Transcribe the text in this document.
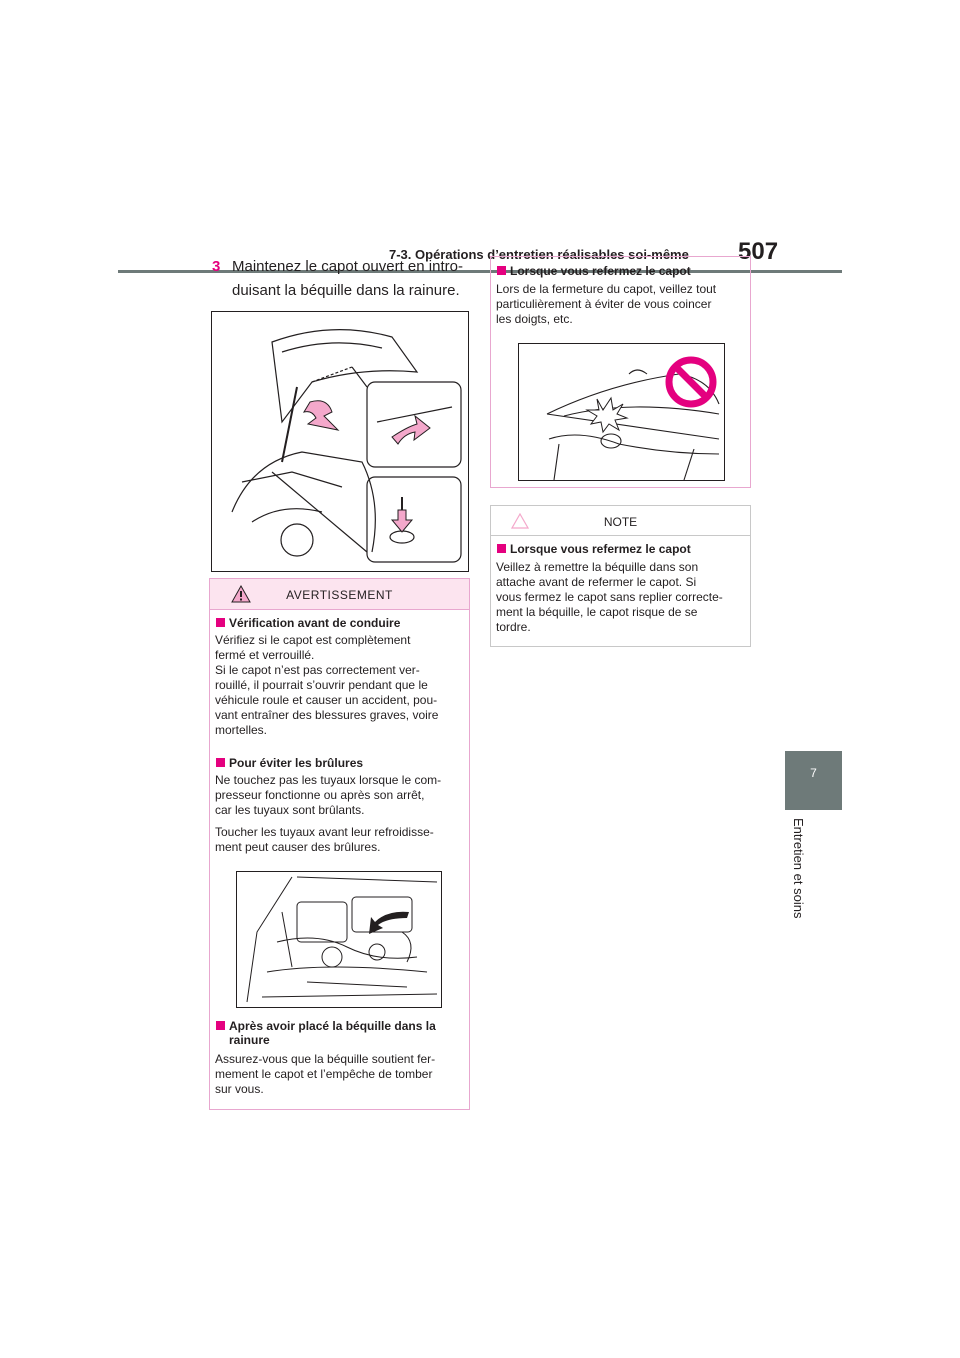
7-3. Opérations d’entretien réalisables soi-même 507
7
Entretien et soins
3 Maintenez le capot ouvert en intro-
duisant la béquille dans la rainure.
AVERTISSEMENT
Vérification avant de conduire
Vérifiez si le capot est complètement
fermé et verrouillé.
Si le capot n’est pas correctement ver-
rouillé, il pourrait s’ouvrir pendant que le
véhicule roule et causer un accident, pou-
vant entraîner des blessures graves, voire
mortelles.
Pour éviter les brûlures
Ne touchez pas les tuyaux lorsque le com-
presseur fonctionne ou après son arrêt,
car les tuyaux sont brûlants.
Toucher les tuyaux avant leur refroidisse-
ment peut causer des brûlures.
Après avoir placé la béquille dans la
rainure
Assurez-vous que la béquille soutient fer-
mement le capot et l’empêche de tomber
sur vous.
Lorsque vous refermez le capot
Lors de la fermeture du capot, veillez tout
particulièrement à éviter de vous coincer
les doigts, etc.
NOTE
Lorsque vous refermez le capot
Veillez à remettre la béquille dans son
attache avant de refermer le capot. Si
vous fermez le capot sans replier correcte-
ment la béquille, le capot risque de se
tordre.
